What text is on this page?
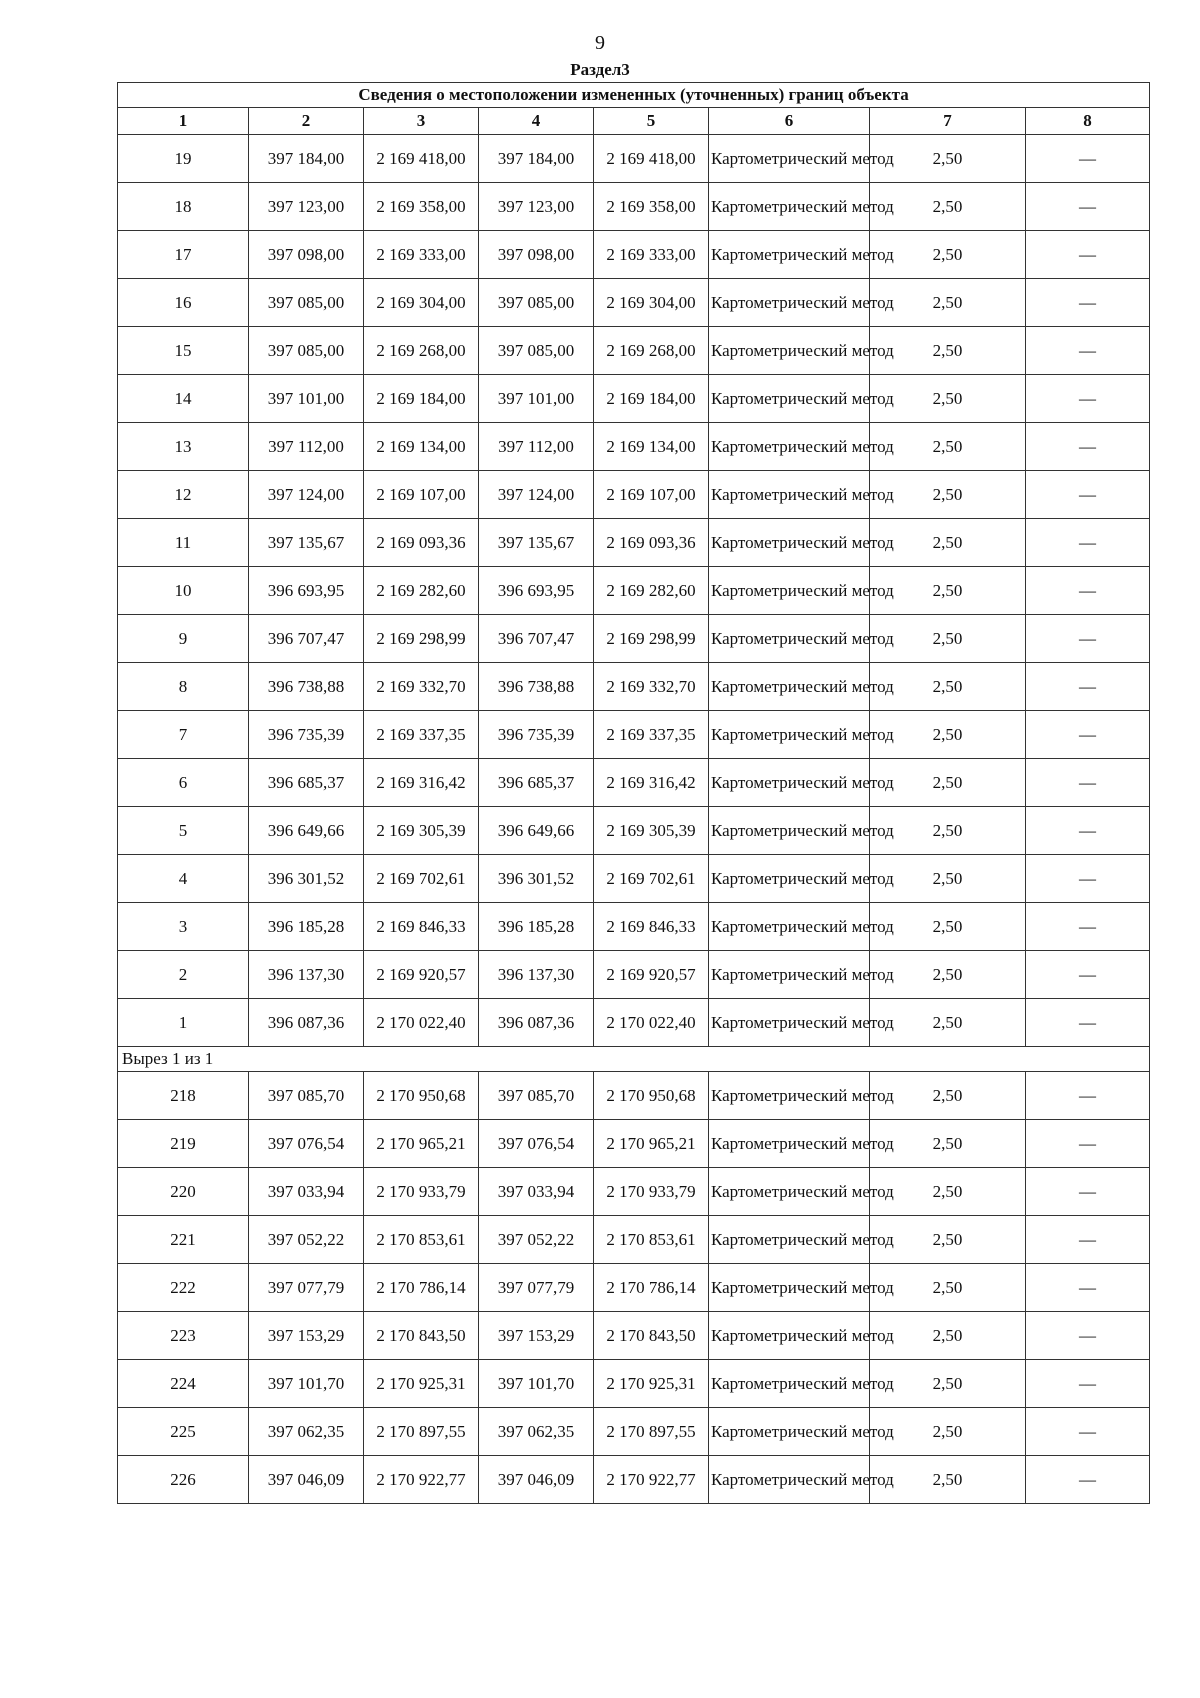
9
Раздел3
Сведения о местоположении измененных (уточненных) границ объекта							
1	2	3	4	5	6	7	8
19	397 184,00	2 169 418,00	397 184,00	2 169 418,00	Картометрический метод	2,50	—
18	397 123,00	2 169 358,00	397 123,00	2 169 358,00	Картометрический метод	2,50	—
17	397 098,00	2 169 333,00	397 098,00	2 169 333,00	Картометрический метод	2,50	—
16	397 085,00	2 169 304,00	397 085,00	2 169 304,00	Картометрический метод	2,50	—
15	397 085,00	2 169 268,00	397 085,00	2 169 268,00	Картометрический метод	2,50	—
14	397 101,00	2 169 184,00	397 101,00	2 169 184,00	Картометрический метод	2,50	—
13	397 112,00	2 169 134,00	397 112,00	2 169 134,00	Картометрический метод	2,50	—
12	397 124,00	2 169 107,00	397 124,00	2 169 107,00	Картометрический метод	2,50	—
11	397 135,67	2 169 093,36	397 135,67	2 169 093,36	Картометрический метод	2,50	—
10	396 693,95	2 169 282,60	396 693,95	2 169 282,60	Картометрический метод	2,50	—
9	396 707,47	2 169 298,99	396 707,47	2 169 298,99	Картометрический метод	2,50	—
8	396 738,88	2 169 332,70	396 738,88	2 169 332,70	Картометрический метод	2,50	—
7	396 735,39	2 169 337,35	396 735,39	2 169 337,35	Картометрический метод	2,50	—
6	396 685,37	2 169 316,42	396 685,37	2 169 316,42	Картометрический метод	2,50	—
5	396 649,66	2 169 305,39	396 649,66	2 169 305,39	Картометрический метод	2,50	—
4	396 301,52	2 169 702,61	396 301,52	2 169 702,61	Картометрический метод	2,50	—
3	396 185,28	2 169 846,33	396 185,28	2 169 846,33	Картометрический метод	2,50	—
2	396 137,30	2 169 920,57	396 137,30	2 169 920,57	Картометрический метод	2,50	—
1	396 087,36	2 170 022,40	396 087,36	2 170 022,40	Картометрический метод	2,50	—
Вырез 1 из 1							
218	397 085,70	2 170 950,68	397 085,70	2 170 950,68	Картометрический метод	2,50	—
219	397 076,54	2 170 965,21	397 076,54	2 170 965,21	Картометрический метод	2,50	—
220	397 033,94	2 170 933,79	397 033,94	2 170 933,79	Картометрический метод	2,50	—
221	397 052,22	2 170 853,61	397 052,22	2 170 853,61	Картометрический метод	2,50	—
222	397 077,79	2 170 786,14	397 077,79	2 170 786,14	Картометрический метод	2,50	—
223	397 153,29	2 170 843,50	397 153,29	2 170 843,50	Картометрический метод	2,50	—
224	397 101,70	2 170 925,31	397 101,70	2 170 925,31	Картометрический метод	2,50	—
225	397 062,35	2 170 897,55	397 062,35	2 170 897,55	Картометрический метод	2,50	—
226	397 046,09	2 170 922,77	397 046,09	2 170 922,77	Картометрический метод	2,50	—
